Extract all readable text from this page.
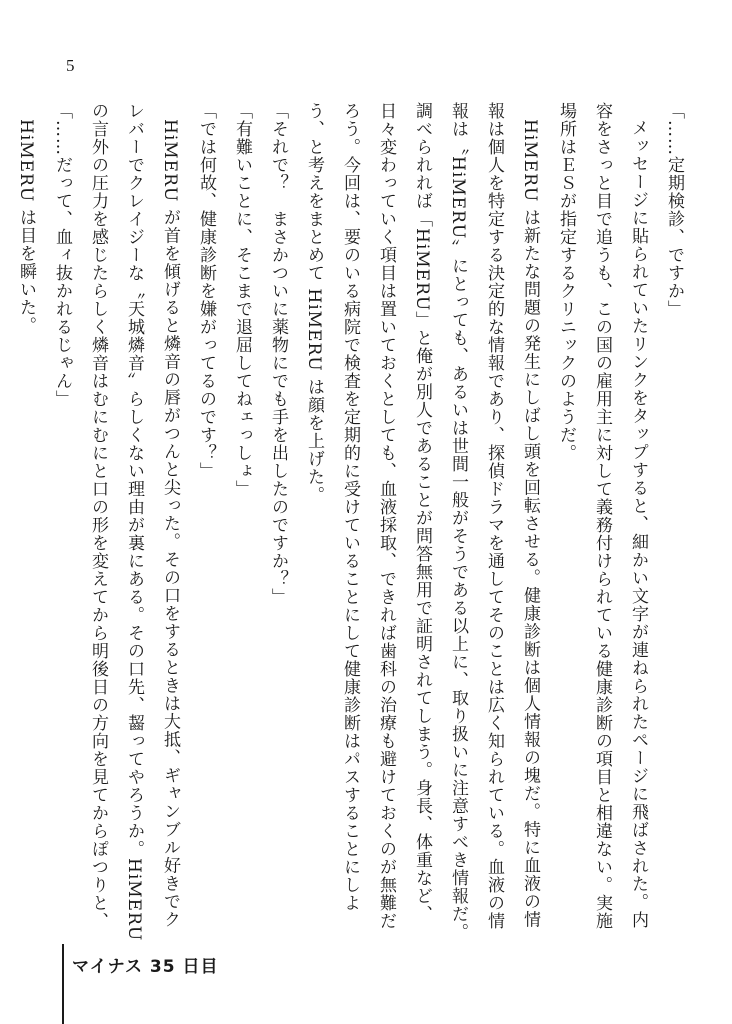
5

「……定期検診、ですか」

メッセージに貼られていたリンクをタップすると、細かい文字が連ねられたページに飛ばされた。内容をさっと目で追うも、この国の雇用主に対して義務付けられている健康診断の項目と相違ない。実施場所はＥＳが指定するクリニックのようだ。

HiMERU は新たな問題の発生にしばし頭を回転させる。健康診断は個人情報の塊だ。特に血液の情報は個人を特定する決定的な情報であり、探偵ドラマを通してそのことは広く知られている。血液の情報は〝HiMERU〟にとっても、あるいは世間一般がそうである以上に、取り扱いに注意すべき情報だ。調べられれば「HiMERU」と俺が別人であることが問答無用で証明されてしまう。身長、体重など、日々変わっていく項目は置いておくとしても、血液採取、できれば歯科の治療も避けておくのが無難だろう。今回は、要のいる病院で検査を定期的に受けていることにして健康診断はパスすることにしよう、と考えをまとめて HiMERU は顔を上げた。

「それで？　まさかついに薬物にでも手を出したのですか？」

「有難いことに、そこまで退屈してねェっしょ」

「では何故、健康診断を嫌がってるのです？」

HiMERU が首を傾げると燐音の唇がつんと尖った。その口をするときは大抵、ギャンブル好きでクレバーでクレイジーな〝天城燐音〟らしくない理由が裏にある。その口先、齧ってやろうか。HiMERU の言外の圧力を感じたらしく燐音はむにむにと口の形を変えてから明後日の方向を見てからぽつりと、

「……だって、血ィ抜かれるじゃん」

HiMERU は目を瞬いた。

マイナス 35 日目
